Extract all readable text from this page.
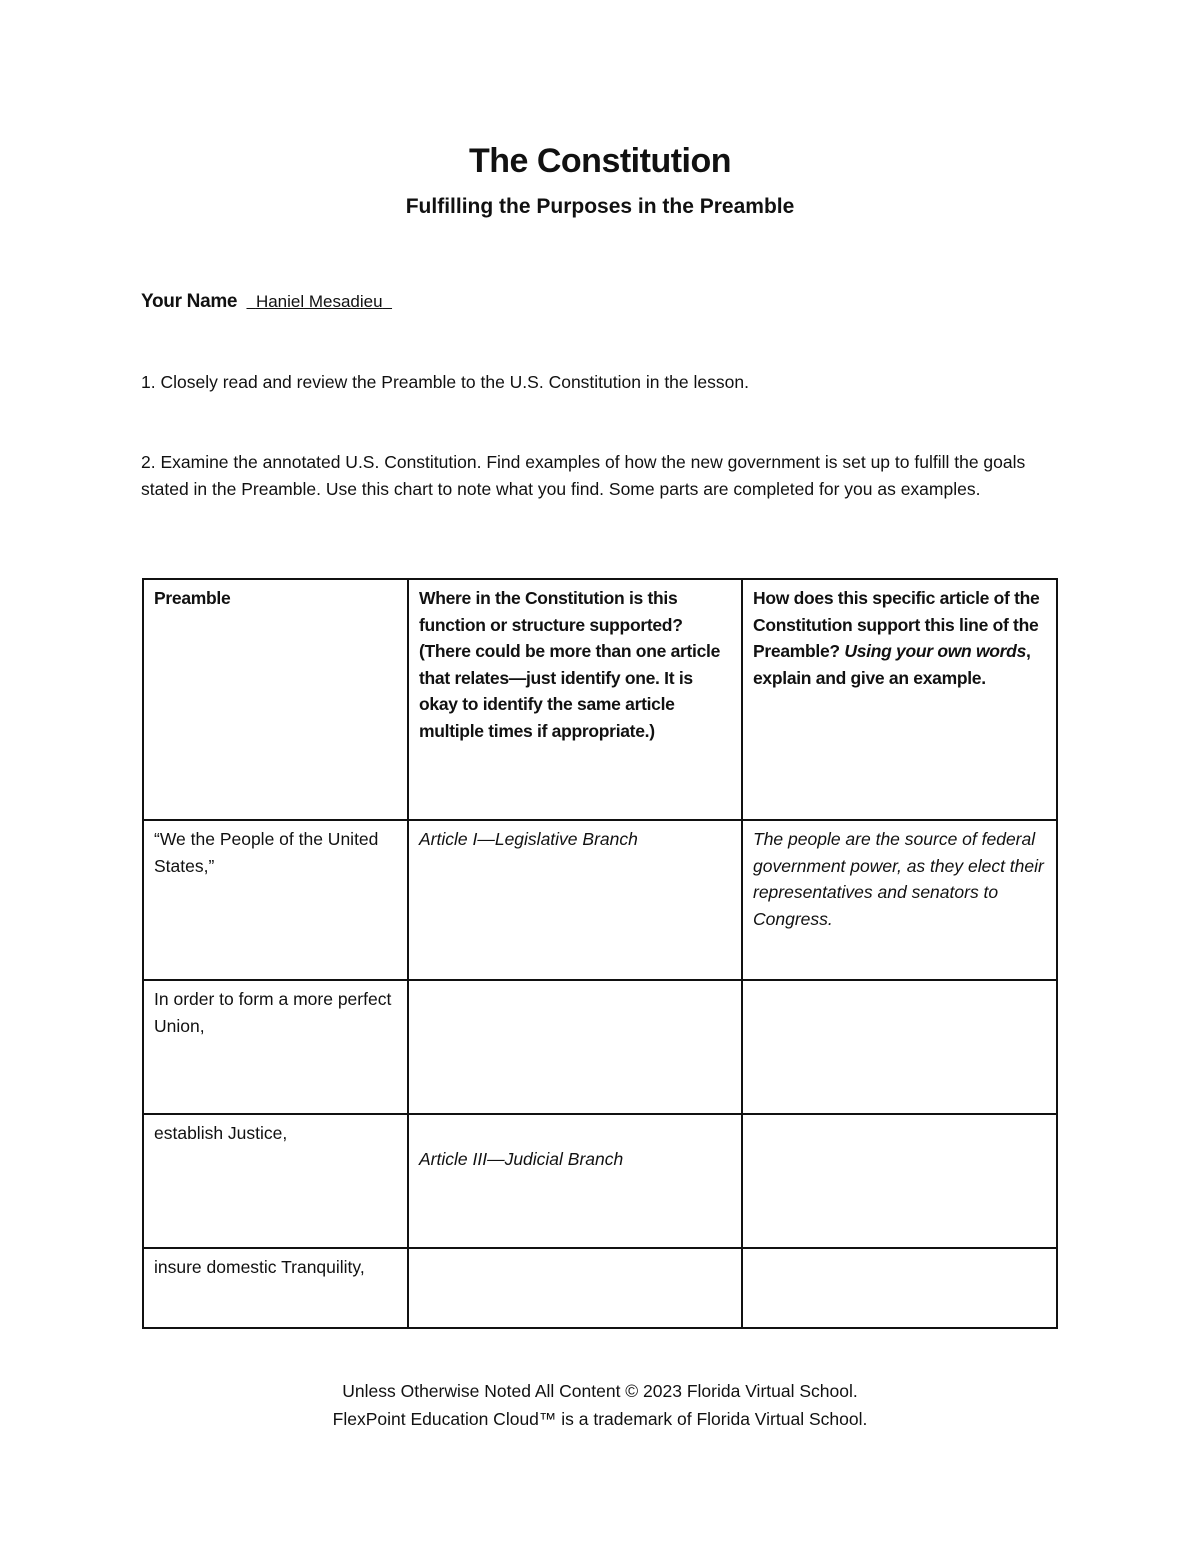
The Constitution
Fulfilling the Purposes in the Preamble
Your Name Haniel Mesadieu

1. Closely read and review the Preamble to the U.S. Constitution in the lesson.

2. Examine the annotated U.S. Constitution. Find examples of how the new government is set up to fulfill the goals stated in the Preamble. Use this chart to note what you find. Some parts are completed for you as examples.

Preamble	Where in the Constitution is this function or structure supported? (There could be more than one article that relates—just identify one. It is okay to identify the same article multiple times if appropriate.)	How does this specific article of the Constitution support this line of the Preamble? Using your own words, explain and give an example.
“We the People of the United States,”	Article I—Legislative Branch	The people are the source of federal government power, as they elect their representatives and senators to Congress.
In order to form a more perfect Union,		
establish Justice,	Article III—Judicial Branch	
insure domestic Tranquility,		

Unless Otherwise Noted All Content © 2023 Florida Virtual School.

FlexPoint Education Cloud™ is a trademark of Florida Virtual School.
